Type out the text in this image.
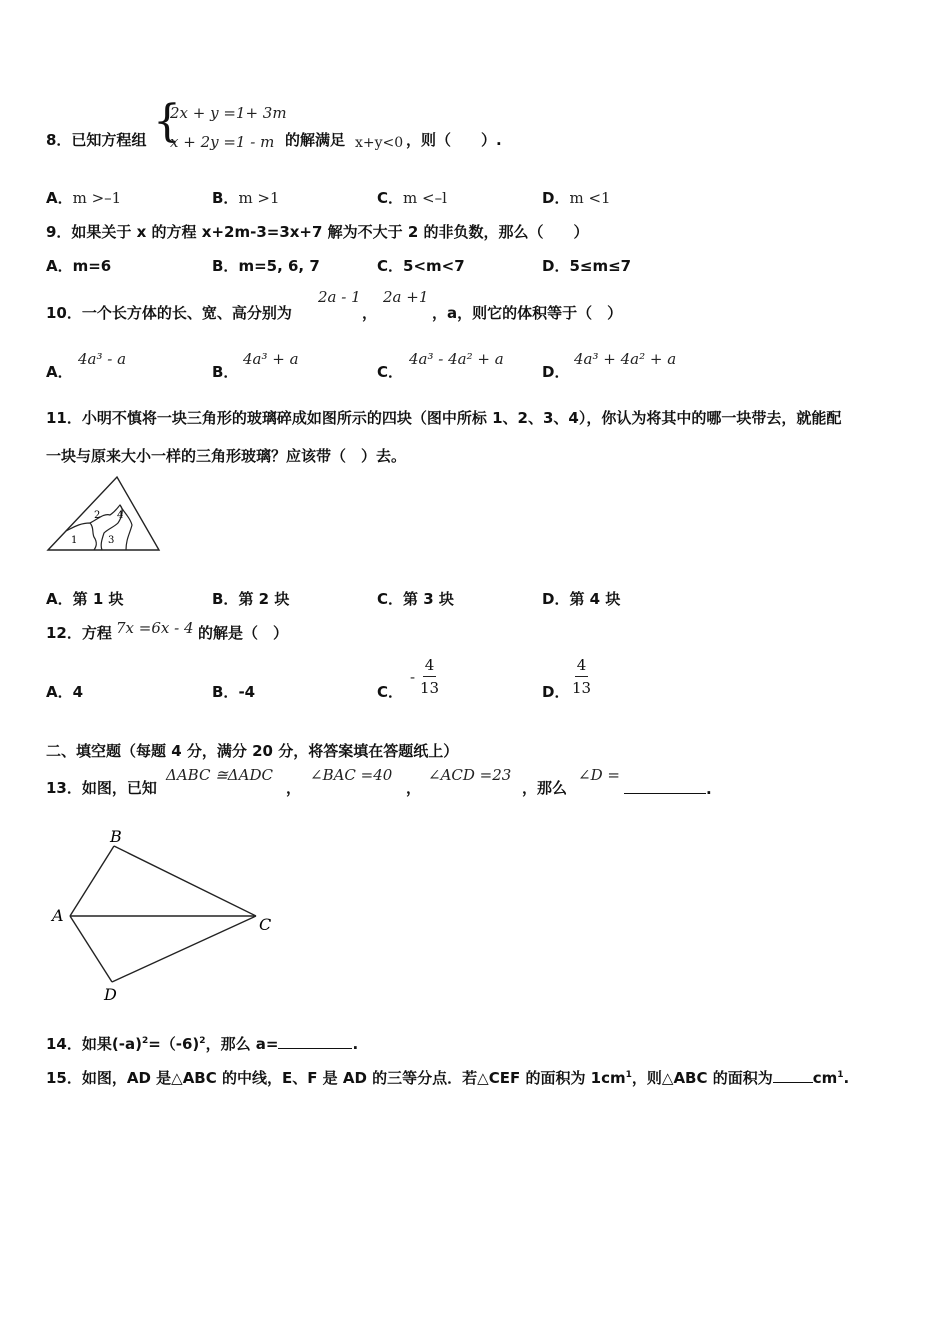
8．已知方程组 {
2x + y =1+ 3m
x + 2y =1 - m 的解满足 x+y<0 ，则（　　）.
A．m >–1	B．m >1	C．m <–l	D．m <1
9．如果关于 x 的方程 x+2m-3=3x+7 解为不大于 2 的非负数，那么（　　）
A．m=6	B．m=5, 6, 7	C．5<m<7	D．5≤m≤7
10．一个长方体的长、宽、高分别为
2a - 1
，
2a +1
，a，则它的体积等于（　）
A．
4a³ - a
B．
4a³ + a
C．
4a³ - 4a² + a
D．
4a³ + 4a² + a
11．小明不慎将一块三角形的玻璃碎成如图所示的四块（图中所标 1、2、3、4），你认为将其中的哪一块带去，就能配
一块与原来大小一样的三角形玻璃？应该带（　）去。
1
2
3
4
A．第 1 块	B．第 2 块	C．第 3 块	D．第 4 块
12．方程 7x =6x - 4 的解是（　）
A．4	B．-4	C．
- $\frac{4}{13}$	D． $\frac{4}{13}$
二、填空题（每题 4 分，满分 20 分，将答案填在答题纸上）
13．如图，已知
ΔABC ≅ΔADC
，
∠BAC =40
，
∠ACD =23
，那么
∠D =
.
B
A	C
D
14．如果$(-a)^2=(-6)^2$，那么 a=	.
15．如图，AD 是△ABC 的中线，E、F 是 AD 的三等分点．若△CEF 的面积为 $1cm^1$，则△ABC 的面积为	$cm^1$.
